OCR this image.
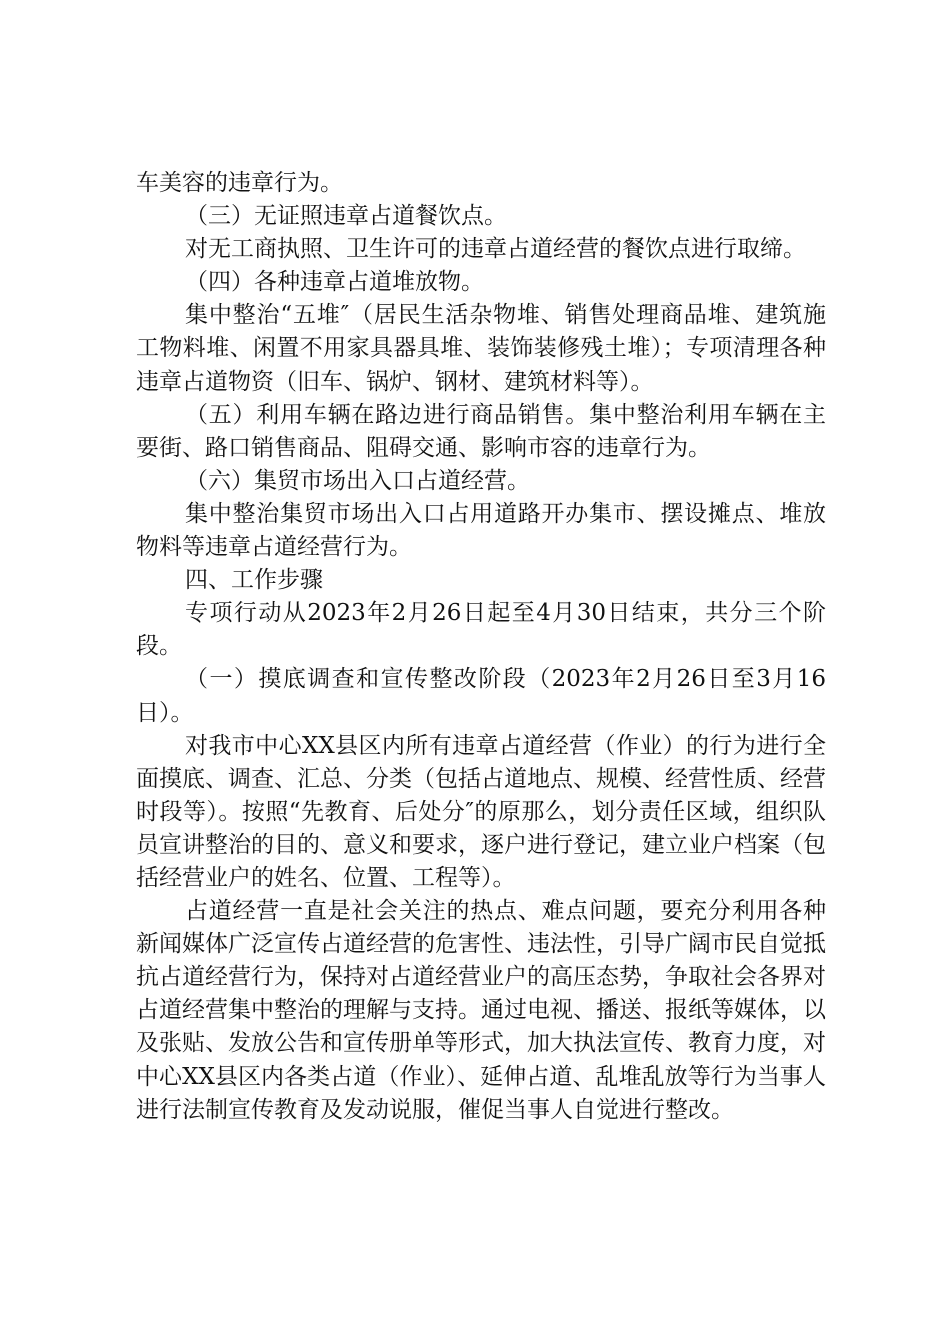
车美容的违章行为。

（三）无证照违章占道餐饮点。

对无工商执照、卫生许可的违章占道经营的餐饮点进行取缔。

（四）各种违章占道堆放物。

集中整治“五堆″（居民生活杂物堆、销售处理商品堆、建筑施工物料堆、闲置不用家具器具堆、装饰装修残土堆）；专项清理各种违章占道物资（旧车、锅炉、钢材、建筑材料等）。

（五）利用车辆在路边进行商品销售。集中整治利用车辆在主要街、路口销售商品、阻碍交通、影响市容的违章行为。

（六）集贸市场出入口占道经营。

集中整治集贸市场出入口占用道路开办集市、摆设摊点、堆放物料等违章占道经营行为。

四、工作步骤

专项行动从2023年2月26日起至4月30日结束，共分三个阶段。

（一）摸底调查和宣传整改阶段（2023年2月26日至3月16日）。

对我市中心XX县区内所有违章占道经营（作业）的行为进行全面摸底、调查、汇总、分类（包括占道地点、规模、经营性质、经营时段等）。按照“先教育、后处分″的原那么，划分责任区域，组织队员宣讲整治的目的、意义和要求，逐户进行登记，建立业户档案（包括经营业户的姓名、位置、工程等）。

占道经营一直是社会关注的热点、难点问题，要充分利用各种新闻媒体广泛宣传占道经营的危害性、违法性，引导广阔市民自觉抵抗占道经营行为，保持对占道经营业户的高压态势，争取社会各界对占道经营集中整治的理解与支持。通过电视、播送、报纸等媒体，以及张贴、发放公告和宣传册单等形式，加大执法宣传、教育力度，对中心XX县区内各类占道（作业）、延伸占道、乱堆乱放等行为当事人进行法制宣传教育及发动说服，催促当事人自觉进行整改。
